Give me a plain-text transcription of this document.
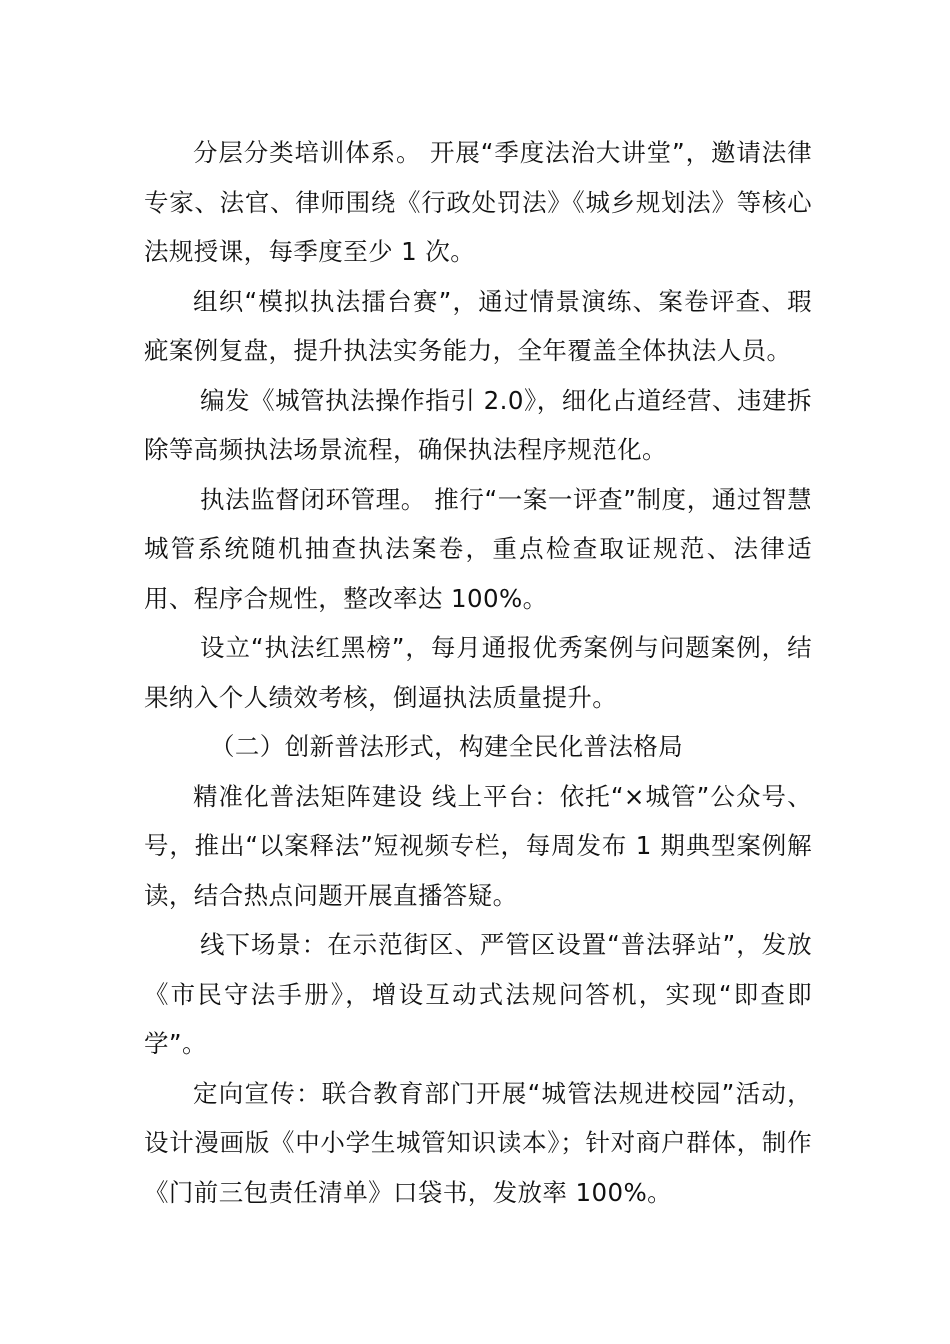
分层分类培训体系。 开展“季度法治大讲堂”，邀请法律专家、法官、律师围绕《行政处罚法》《城乡规划法》等核心法规授课，每季度至少 1 次。

组织“模拟执法擂台赛”，通过情景演练、案卷评查、瑕疵案例复盘，提升执法实务能力，全年覆盖全体执法人员。

编发《城管执法操作指引 2.0》，细化占道经营、违建拆除等高频执法场景流程，确保执法程序规范化。

执法监督闭环管理。 推行“一案一评查”制度，通过智慧城管系统随机抽查执法案卷，重点检查取证规范、法律适用、程序合规性，整改率达 100%。

设立“执法红黑榜”，每月通报优秀案例与问题案例，结果纳入个人绩效考核，倒逼执法质量提升。

（二）创新普法形式，构建全民化普法格局

精准化普法矩阵建设 线上平台：依托“×城管”公众号、号，推出“以案释法”短视频专栏，每周发布 1 期典型案例解读，结合热点问题开展直播答疑。

线下场景：在示范街区、严管区设置“普法驿站”，发放《市民守法手册》，增设互动式法规问答机，实现“即查即学”。

定向宣传：联合教育部门开展“城管法规进校园”活动，设计漫画版《中小学生城管知识读本》；针对商户群体，制作《门前三包责任清单》口袋书，发放率 100%。
